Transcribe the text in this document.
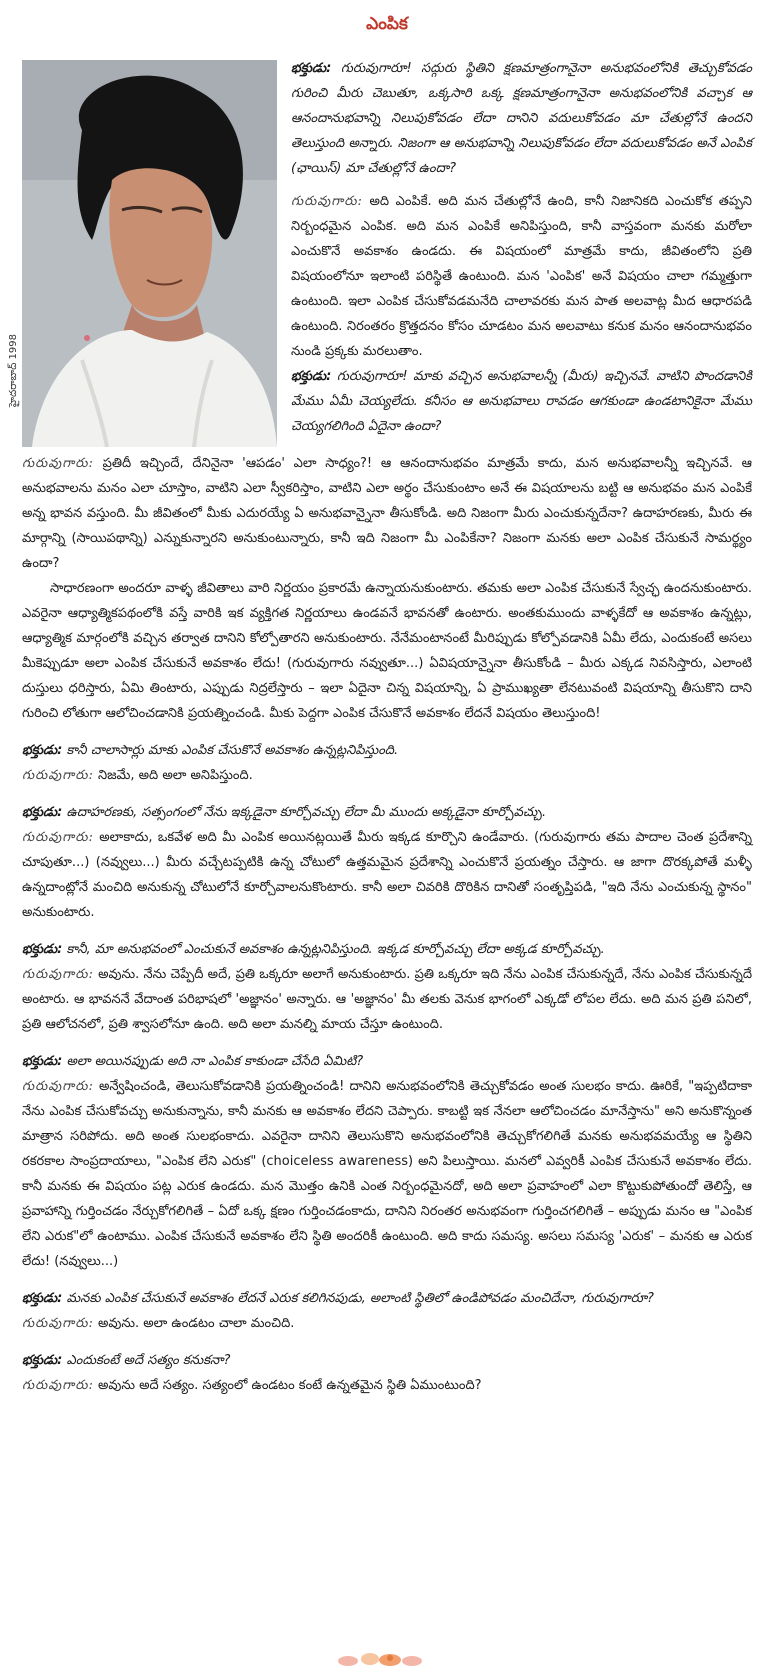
ఎంపిక
హైదరాబాద్ 1998

భక్తుడు: గురువుగారూ! సద్గురు స్థితిని క్షణమాత్రంగానైనా అనుభవంలోనికి తెచ్చుకోవడం గురించి మీరు చెబుతూ, ఒక్కసారి ఒక్క క్షణమాత్రంగానైనా అనుభవంలోనికి వచ్చాక ఆ ఆనందానుభవాన్ని నిలుపుకోవడం లేదా దానిని వదులుకోవడం మా చేతుల్లోనే ఉందని తెలుస్తుంది అన్నారు. నిజంగా ఆ అనుభవాన్ని నిలుపుకోవడం లేదా వదులుకోవడం అనే ఎంపిక (ఛాయిస్) మా చేతుల్లోనే ఉందా?

గురువుగారు: అది ఎంపికే. అది మన చేతుల్లోనే ఉంది, కానీ నిజానికది ఎంచుకోక తప్పని నిర్బంధమైన ఎంపిక. అది మన ఎంపికే అనిపిస్తుంది, కానీ వాస్తవంగా మనకు మరోలా ఎంచుకొనే అవకాశం ఉండదు. ఈ విషయంలో మాత్రమే కాదు, జీవితంలోని ప్రతి విషయంలోనూ ఇలాంటి పరిస్థితే ఉంటుంది. మన 'ఎంపిక' అనే విషయం చాలా గమ్మత్తుగా ఉంటుంది. ఇలా ఎంపిక చేసుకోవడమనేది చాలావరకు మన పాత అలవాట్ల మీద ఆధారపడి ఉంటుంది. నిరంతరం క్రొత్తదనం కోసం చూడటం మన అలవాటు కనుక మనం ఆనందానుభవం నుండి ప్రక్కకు మరలుతాం.

భక్తుడు: గురువుగారూ! మాకు వచ్చిన అనుభవాలన్నీ (మీరు) ఇచ్చినవే. వాటిని పొందడానికి మేము ఏమీ చెయ్యలేదు. కనీసం ఆ అనుభవాలు రావడం ఆగకుండా ఉండటానికైనా మేము చెయ్యగలిగింది ఏదైనా ఉందా?

గురువుగారు: ప్రతిదీ ఇచ్చిందే, దేనినైనా 'ఆపడం' ఎలా సాధ్యం?! ఆ ఆనందానుభవం మాత్రమే కాదు, మన అనుభవాలన్నీ ఇచ్చినవే. ఆ అనుభవాలను మనం ఎలా చూస్తాం, వాటిని ఎలా స్వీకరిస్తాం, వాటిని ఎలా అర్థం చేసుకుంటాం అనే ఈ విషయాలను బట్టి ఆ అనుభవం మన ఎంపికే అన్న భావన వస్తుంది. మీ జీవితంలో మీకు ఎదురయ్యే ఏ అనుభవాన్నైనా తీసుకోండి. అది నిజంగా మీరు ఎంచుకున్నదేనా? ఉదాహరణకు, మీరు ఈ మార్గాన్ని (సాయిపథాన్ని) ఎన్నుకున్నారని అనుకుంటున్నారు, కానీ ఇది నిజంగా మీ ఎంపికేనా? నిజంగా మనకు అలా ఎంపిక చేసుకునే సామర్థ్యం ఉందా?

సాధారణంగా అందరూ వాళ్ళ జీవితాలు వారి నిర్ణయం ప్రకారమే ఉన్నాయనుకుంటారు. తమకు అలా ఎంపిక చేసుకునే స్వేచ్ఛ ఉందనుకుంటారు. ఎవరైనా ఆధ్యాత్మికపథంలోకి వస్తే వారికి ఇక వ్యక్తిగత నిర్ణయాలు ఉండవనే భావనతో ఉంటారు. అంతకుముందు వాళ్ళకేదో ఆ అవకాశం ఉన్నట్లు, ఆధ్యాత్మిక మార్గంలోకి వచ్చిన తర్వాత దానిని కోల్పోతారని అనుకుంటారు. నేనేమంటానంటే మీరిప్పుడు కోల్పోవడానికి ఏమీ లేదు, ఎందుకంటే అసలు మీకెప్పుడూ అలా ఎంపిక చేసుకునే అవకాశం లేదు! (గురువుగారు నవ్వుతూ...) ఏవిషయాన్నైనా తీసుకోండి – మీరు ఎక్కడ నివసిస్తారు, ఎలాంటి దుస్తులు ధరిస్తారు, ఏమి తింటారు, ఎప్పుడు నిద్రలేస్తారు – ఇలా ఏదైనా చిన్న విషయాన్ని, ఏ ప్రాముఖ్యతా లేనటువంటి విషయాన్ని తీసుకొని దాని గురించి లోతుగా ఆలోచించడానికి ప్రయత్నించండి. మీకు పెద్దగా ఎంపిక చేసుకొనే అవకాశం లేదనే విషయం తెలుస్తుంది!

భక్తుడు: కానీ చాలాసార్లు మాకు ఎంపిక చేసుకొనే అవకాశం ఉన్నట్లనిపిస్తుంది.

గురువుగారు: నిజమే, అది అలా అనిపిస్తుంది.

భక్తుడు: ఉదాహరణకు, సత్సంగంలో నేను ఇక్కడైనా కూర్చోవచ్చు లేదా మీ ముందు అక్కడైనా కూర్చోవచ్చు.

గురువుగారు: అలాకాదు, ఒకవేళ అది మీ ఎంపిక అయినట్లయితే మీరు ఇక్కడ కూర్చొని ఉండేవారు. (గురువుగారు తమ పాదాల చెంత ప్రదేశాన్ని చూపుతూ...) (నవ్వులు...) మీరు వచ్చేటప్పటికి ఉన్న చోటులో ఉత్తమమైన ప్రదేశాన్ని ఎంచుకొనే ప్రయత్నం చేస్తారు. ఆ జాగా దొరక్కపోతే మళ్ళీ ఉన్నదాంట్లోనే మంచిది అనుకున్న చోటులోనే కూర్చోవాలనుకొంటారు. కానీ అలా చివరికి దొరికిన దానితో సంతృప్తిపడి, "ఇది నేను ఎంచుకున్న స్థానం" అనుకుంటారు.

భక్తుడు: కానీ, మా అనుభవంలో ఎంచుకునే అవకాశం ఉన్నట్లనిపిస్తుంది. ఇక్కడ కూర్చోవచ్చు లేదా అక్కడ కూర్చోవచ్చు.

గురువుగారు: అవును. నేను చెప్పేదీ అదే, ప్రతి ఒక్కరూ అలాగే అనుకుంటారు. ప్రతి ఒక్కరూ ఇది నేను ఎంపిక చేసుకున్నదే, నేను ఎంపిక చేసుకున్నదే అంటారు. ఆ భావననే వేదాంత పరిభాషలో 'అజ్ఞానం' అన్నారు. ఆ 'అజ్ఞానం' మీ తలకు వెనుక భాగంలో ఎక్కడో లోపల లేదు. అది మన ప్రతి పనిలో, ప్రతి ఆలోచనలో, ప్రతి శ్వాసలోనూ ఉంది. అది అలా మనల్ని మాయ చేస్తూ ఉంటుంది.

భక్తుడు: అలా అయినప్పుడు అది నా ఎంపిక కాకుండా చేసేది ఏమిటి?

గురువుగారు: అన్వేషించండి, తెలుసుకోవడానికి ప్రయత్నించండి! దానిని అనుభవంలోనికి తెచ్చుకోవడం అంత సులభం కాదు. ఊరికే, "ఇప్పటిదాకా నేను ఎంపిక చేసుకోవచ్చు అనుకున్నాను, కానీ మనకు ఆ అవకాశం లేదని చెప్పారు. కాబట్టి ఇక నేనలా ఆలోచించడం మానేస్తాను" అని అనుకొన్నంత మాత్రాన సరిపోదు. అది అంత సులభంకాదు. ఎవరైనా దానిని తెలుసుకొని అనుభవంలోనికి తెచ్చుకోగలిగితే మనకు అనుభవమయ్యే ఆ స్థితిని రకరకాల సాంప్రదాయాలు, "ఎంపిక లేని ఎరుక" (choiceless awareness) అని పిలుస్తాయి. మనలో ఎవ్వరికీ ఎంపిక చేసుకునే అవకాశం లేదు. కానీ మనకు ఈ విషయం పట్ల ఎరుక ఉండదు. మన మొత్తం ఉనికి ఎంత నిర్బంధమైనదో, అది అలా ప్రవాహంలో ఎలా కొట్టుకుపోతుందో తెలిస్తే, ఆ ప్రవాహాన్ని గుర్తించడం నేర్చుకోగలిగితే – ఏదో ఒక్క క్షణం గుర్తించడంకాదు, దానిని నిరంతర అనుభవంగా గుర్తించగలిగితే – అప్పుడు మనం ఆ "ఎంపిక లేని ఎరుక"లో ఉంటాము. ఎంపిక చేసుకునే అవకాశం లేని స్థితి అందరికీ ఉంటుంది. అది కాదు సమస్య. అసలు సమస్య 'ఎరుక' – మనకు ఆ ఎరుక లేదు! (నవ్వులు...)

భక్తుడు: మనకు ఎంపిక చేసుకునే అవకాశం లేదనే ఎరుక కలిగినపుడు, అలాంటి స్థితిలో ఉండిపోవడం మంచిదేనా, గురువుగారూ?

గురువుగారు: అవును. అలా ఉండటం చాలా మంచిది.

భక్తుడు: ఎందుకంటే అదే సత్యం కనుకనా?

గురువుగారు: అవును అదే సత్యం. సత్యంలో ఉండటం కంటే ఉన్నతమైన స్థితి ఏముంటుంది?
